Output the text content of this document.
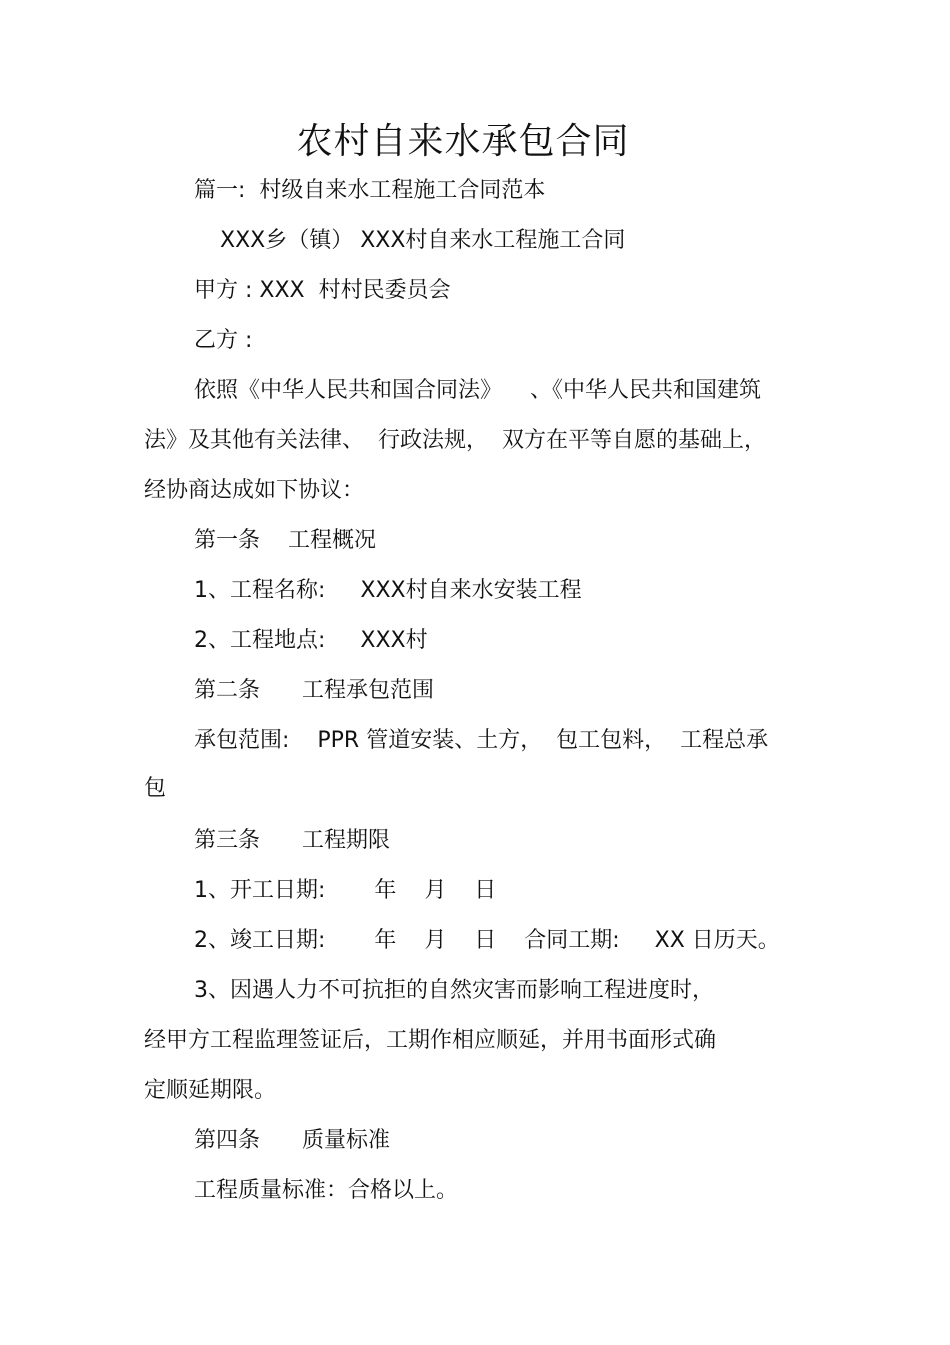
农村自来水承包合同
篇一:  村级自来水工程施工合同范本
XXX乡（镇） XXX村自来水工程施工合同
甲方 : XXX  村村民委员会
乙方 :
依照《中华人民共和国合同法》    、《中华人民共和国建筑
法》及其他有关法律、  行政法规，  双方在平等自愿的基础上，
经协商达成如下协议：
第一条    工程概况
1、工程名称:     XXX村自来水安装工程
2、工程地点:     XXX村
第二条      工程承包范围
承包范围:    PPR 管道安装、土方，  包工包料，  工程总承
包
第三条      工程期限
1、开工日期:       年    月    日
2、竣工日期:       年    月    日    合同工期:     XX 日历天。
3、因遇人力不可抗拒的自然灾害而影响工程进度时，
经甲方工程监理签证后，工期作相应顺延，并用书面形式确
定顺延期限。
第四条      质量标准
工程质量标准：合格以上。
